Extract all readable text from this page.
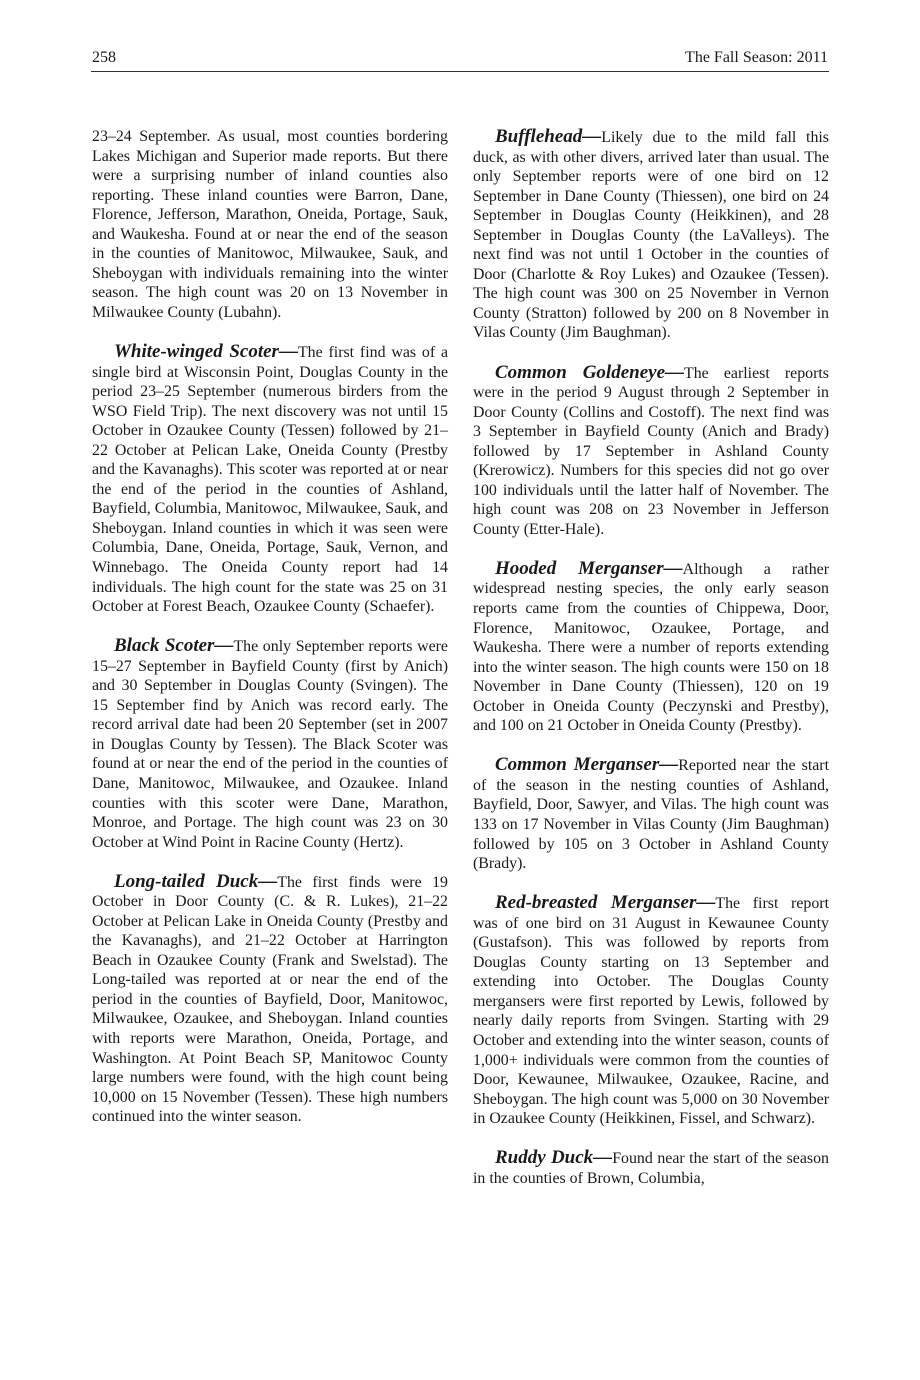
258	The Fall Season: 2011

23–24 September. As usual, most counties bordering Lakes Michigan and Superior made reports. But there were a surprising number of inland counties also reporting. These inland counties were Barron, Dane, Florence, Jefferson, Marathon, Oneida, Portage, Sauk, and Waukesha. Found at or near the end of the season in the counties of Manitowoc, Milwaukee, Sauk, and Sheboygan with individuals remaining into the winter season. The high count was 20 on 13 November in Milwaukee County (Lubahn).

White-winged Scoter—The first find was of a single bird at Wisconsin Point, Douglas County in the period 23–25 September (numerous birders from the WSO Field Trip). The next discovery was not until 15 October in Ozaukee County (Tessen) followed by 21–22 October at Pelican Lake, Oneida County (Prestby and the Kavanaghs). This scoter was reported at or near the end of the period in the counties of Ashland, Bayfield, Columbia, Manitowoc, Milwaukee, Sauk, and Sheboygan. Inland counties in which it was seen were Columbia, Dane, Oneida, Portage, Sauk, Vernon, and Winnebago. The Oneida County report had 14 individuals. The high count for the state was 25 on 31 October at Forest Beach, Ozaukee County (Schaefer).

Black Scoter—The only September reports were 15–27 September in Bayfield County (first by Anich) and 30 September in Douglas County (Svingen). The 15 September find by Anich was record early. The record arrival date had been 20 September (set in 2007 in Douglas County by Tessen). The Black Scoter was found at or near the end of the period in the counties of Dane, Manitowoc, Milwaukee, and Ozaukee. Inland counties with this scoter were Dane, Marathon, Monroe, and Portage. The high count was 23 on 30 October at Wind Point in Racine County (Hertz).

Long-tailed Duck—The first finds were 19 October in Door County (C. & R. Lukes), 21–22 October at Pelican Lake in Oneida County (Prestby and the Kavanaghs), and 21–22 October at Harrington Beach in Ozaukee County (Frank and Swelstad). The Long-tailed was reported at or near the end of the period in the counties of Bayfield, Door, Manitowoc, Milwaukee, Ozaukee, and Sheboygan. Inland counties with reports were Marathon, Oneida, Portage, and Washington. At Point Beach SP, Manitowoc County large numbers were found, with the high count being 10,000 on 15 November (Tessen). These high numbers continued into the winter season.

Bufflehead—Likely due to the mild fall this duck, as with other divers, arrived later than usual. The only September reports were of one bird on 12 September in Dane County (Thiessen), one bird on 24 September in Douglas County (Heikkinen), and 28 September in Douglas County (the LaValleys). The next find was not until 1 October in the counties of Door (Charlotte & Roy Lukes) and Ozaukee (Tessen). The high count was 300 on 25 November in Vernon County (Stratton) followed by 200 on 8 November in Vilas County (Jim Baughman).

Common Goldeneye—The earliest reports were in the period 9 August through 2 September in Door County (Collins and Costoff). The next find was 3 September in Bayfield County (Anich and Brady) followed by 17 September in Ashland County (Krerowicz). Numbers for this species did not go over 100 individuals until the latter half of November. The high count was 208 on 23 November in Jefferson County (Etter-Hale).

Hooded Merganser—Although a rather widespread nesting species, the only early season reports came from the counties of Chippewa, Door, Florence, Manitowoc, Ozaukee, Portage, and Waukesha. There were a number of reports extending into the winter season. The high counts were 150 on 18 November in Dane County (Thiessen), 120 on 19 October in Oneida County (Peczynski and Prestby), and 100 on 21 October in Oneida County (Prestby).

Common Merganser—Reported near the start of the season in the nesting counties of Ashland, Bayfield, Door, Sawyer, and Vilas. The high count was 133 on 17 November in Vilas County (Jim Baughman) followed by 105 on 3 October in Ashland County (Brady).

Red-breasted Merganser—The first report was of one bird on 31 August in Kewaunee County (Gustafson). This was followed by reports from Douglas County starting on 13 September and extending into October. The Douglas County mergansers were first reported by Lewis, followed by nearly daily reports from Svingen. Starting with 29 October and extending into the winter season, counts of 1,000+ individuals were common from the counties of Door, Kewaunee, Milwaukee, Ozaukee, Racine, and Sheboygan. The high count was 5,000 on 30 November in Ozaukee County (Heikkinen, Fissel, and Schwarz).

Ruddy Duck—Found near the start of the season in the counties of Brown, Columbia,
